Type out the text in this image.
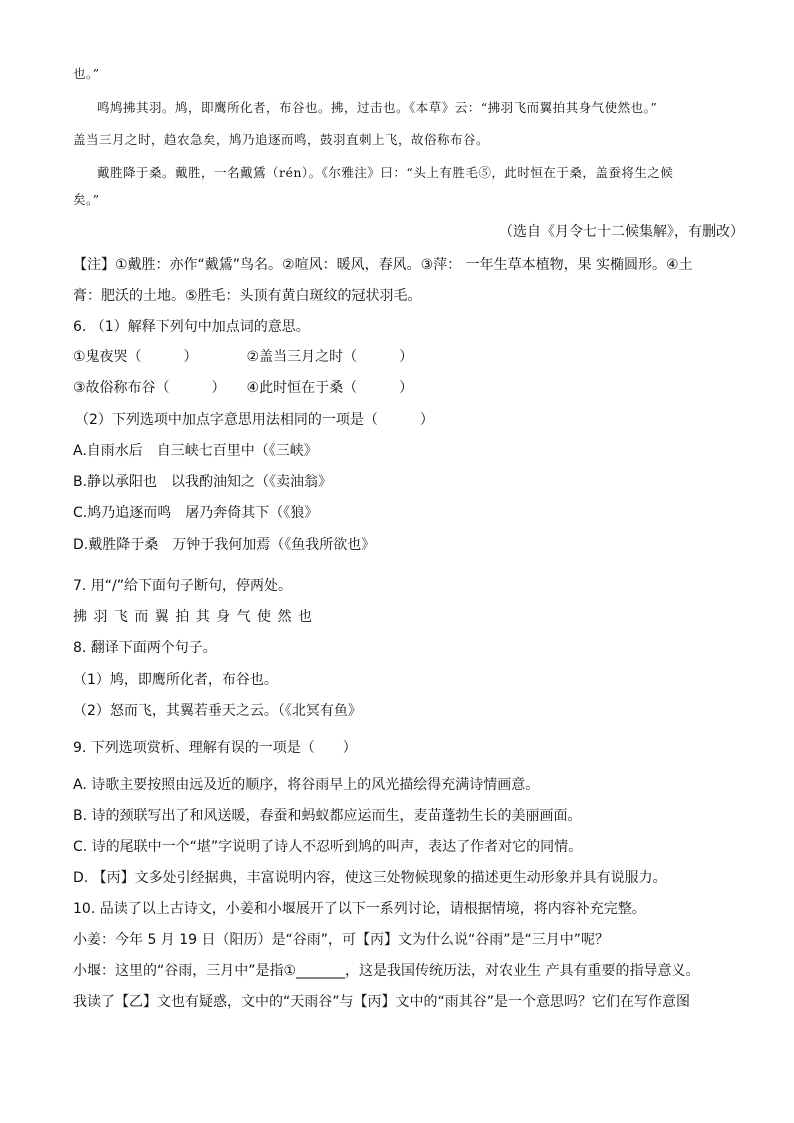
也。”
鸣鸠拂其羽。鸠，即鹰所化者，布谷也。拂，过击也。《本草》云：“拂羽飞而翼拍其身气使然也。”
盖当三月之时，趋农急矣，鸠乃追逐而鸣，鼓羽直刺上飞，故俗称布谷。
戴胜降于桑。戴胜，一名戴鵀（rén）。《尔雅注》曰：“头上有胜毛⑤，此时恒在于桑，盖蚕将生之候
矣。”
（选自《月令七十二候集解》，有删改）
【注】①戴胜：亦作“戴鵀”鸟名。②喧风：暖风，春风。③萍： 一年生草本植物，果 实椭圆形。④土
膏：肥沃的土地。⑤胜毛：头顶有黄白斑纹的冠状羽毛。
6. （1）解释下列句中加点词的意思。
①鬼夜哭（　　　）　　　　②盖当三月之时（　　　）
③故俗称布谷（　　　）　　④此时恒在于桑（　　　）
（2）下列选项中加点字意思用法相同的一项是（　　　）
A.自雨水后　自三峡七百里中（《三峡》
B.静以承阳也　以我酌油知之（《卖油翁》
C.鸠乃追逐而鸣　屠乃奔倚其下（《狼》
D.戴胜降于桑　万钟于我何加焉（《鱼我所欲也》
7. 用“/”给下面句子断句，停两处。
拂 羽 飞 而 翼 拍 其 身 气 使 然 也
8. 翻译下面两个句子。
（1）鸠，即鹰所化者，布谷也。
（2）怒而飞，其翼若垂天之云。（《北冥有鱼》
9. 下列选项赏析、理解有误的一项是（　　）
A. 诗歌主要按照由远及近的顺序，将谷雨早上的风光描绘得充满诗情画意。
B. 诗的颈联写出了和风送暖，春蚕和蚂蚁都应运而生，麦苗蓬勃生长的美丽画面。
C. 诗的尾联中一个“堪”字说明了诗人不忍听到鸠的叫声，表达了作者对它的同情。
D. 【丙】文多处引经据典，丰富说明内容，使这三处物候现象的描述更生动形象并具有说服力。
10. 品读了以上古诗文，小姜和小堰展开了以下一系列讨论，请根据情境，将内容补充完整。
小姜：今年 5 月 19 日（阳历）是“谷雨”，可【丙】文为什么说“谷雨”是“三月中”呢？
小堰：这里的“谷雨，三月中”是指①_______，这是我国传统历法，对农业生 产具有重要的指导意义。
我读了【乙】文也有疑惑，文中的“天雨谷”与【丙】文中的“雨其谷”是一个意思吗？它们在写作意图
